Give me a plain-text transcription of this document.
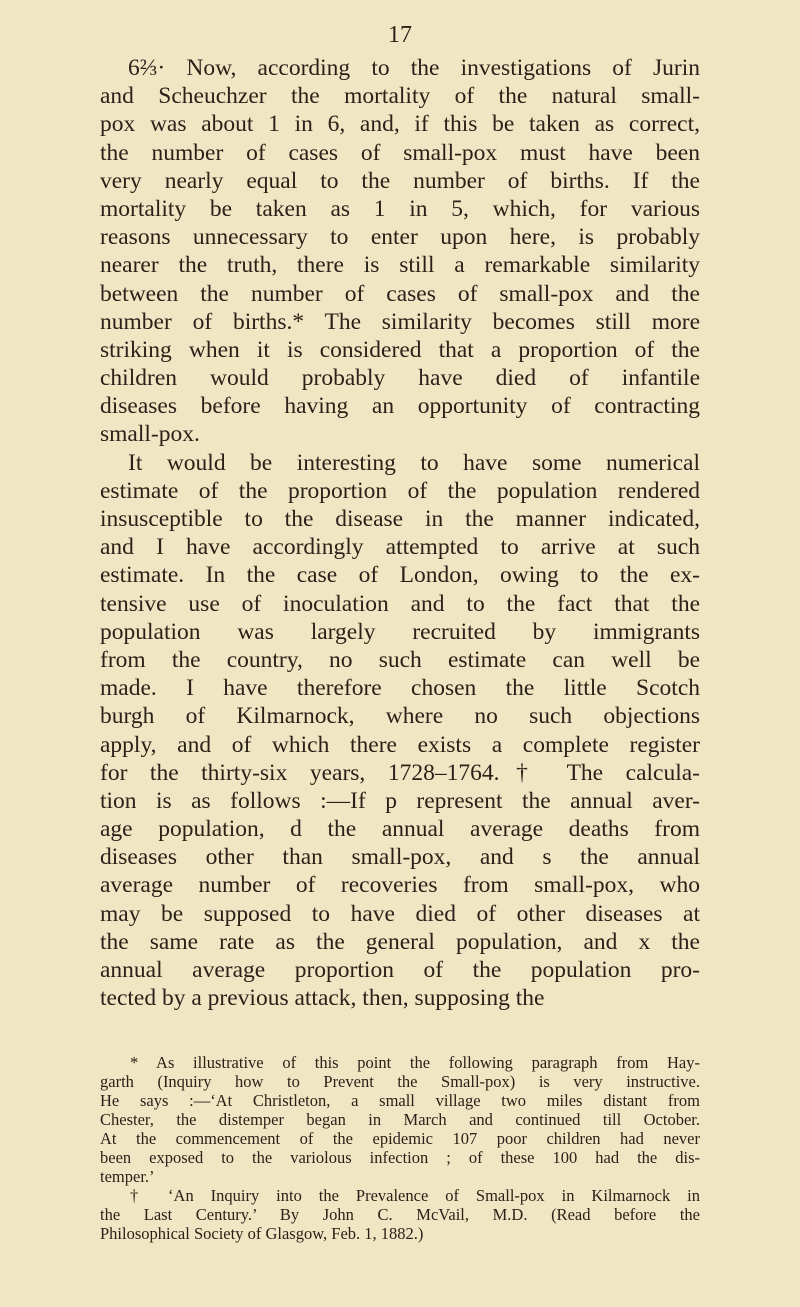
17
6⅔· Now, according to the investigations of Jurin
and Scheuchzer the mortality of the natural small-
pox was about 1 in 6, and, if this be taken as correct,
the number of cases of small-pox must have been
very nearly equal to the number of births. If the
mortality be taken as 1 in 5, which, for various
reasons unnecessary to enter upon here, is probably
nearer the truth, there is still a remarkable similarity
between the number of cases of small-pox and the
number of births.* The similarity becomes still more
striking when it is considered that a proportion of the
children would probably have died of infantile
diseases before having an opportunity of contracting
small-pox.
It would be interesting to have some numerical
estimate of the proportion of the population rendered
insusceptible to the disease in the manner indicated,
and I have accordingly attempted to arrive at such
estimate. In the case of London, owing to the ex-
tensive use of inoculation and to the fact that the
population was largely recruited by immigrants
from the country, no such estimate can well be
made. I have therefore chosen the little Scotch
burgh of Kilmarnock, where no such objections
apply, and of which there exists a complete register
for the thirty-six years, 1728–1764.† The calcula-
tion is as follows :—If p represent the annual aver-
age population, d the annual average deaths from
diseases other than small-pox, and s the annual
average number of recoveries from small-pox, who
may be supposed to have died of other diseases at
the same rate as the general population, and x the
annual average proportion of the population pro-
tected by a previous attack, then, supposing the
* As illustrative of this point the following paragraph from Hay-
garth (Inquiry how to Prevent the Small-pox) is very instructive.
He says :—‘At Christleton, a small village two miles distant from
Chester, the distemper began in March and continued till October.
At the commencement of the epidemic 107 poor children had never
been exposed to the variolous infection ; of these 100 had the dis-
temper.’
† ‘An Inquiry into the Prevalence of Small-pox in Kilmarnock in
the Last Century.’ By John C. McVail, M.D. (Read before the
Philosophical Society of Glasgow, Feb. 1, 1882.)
